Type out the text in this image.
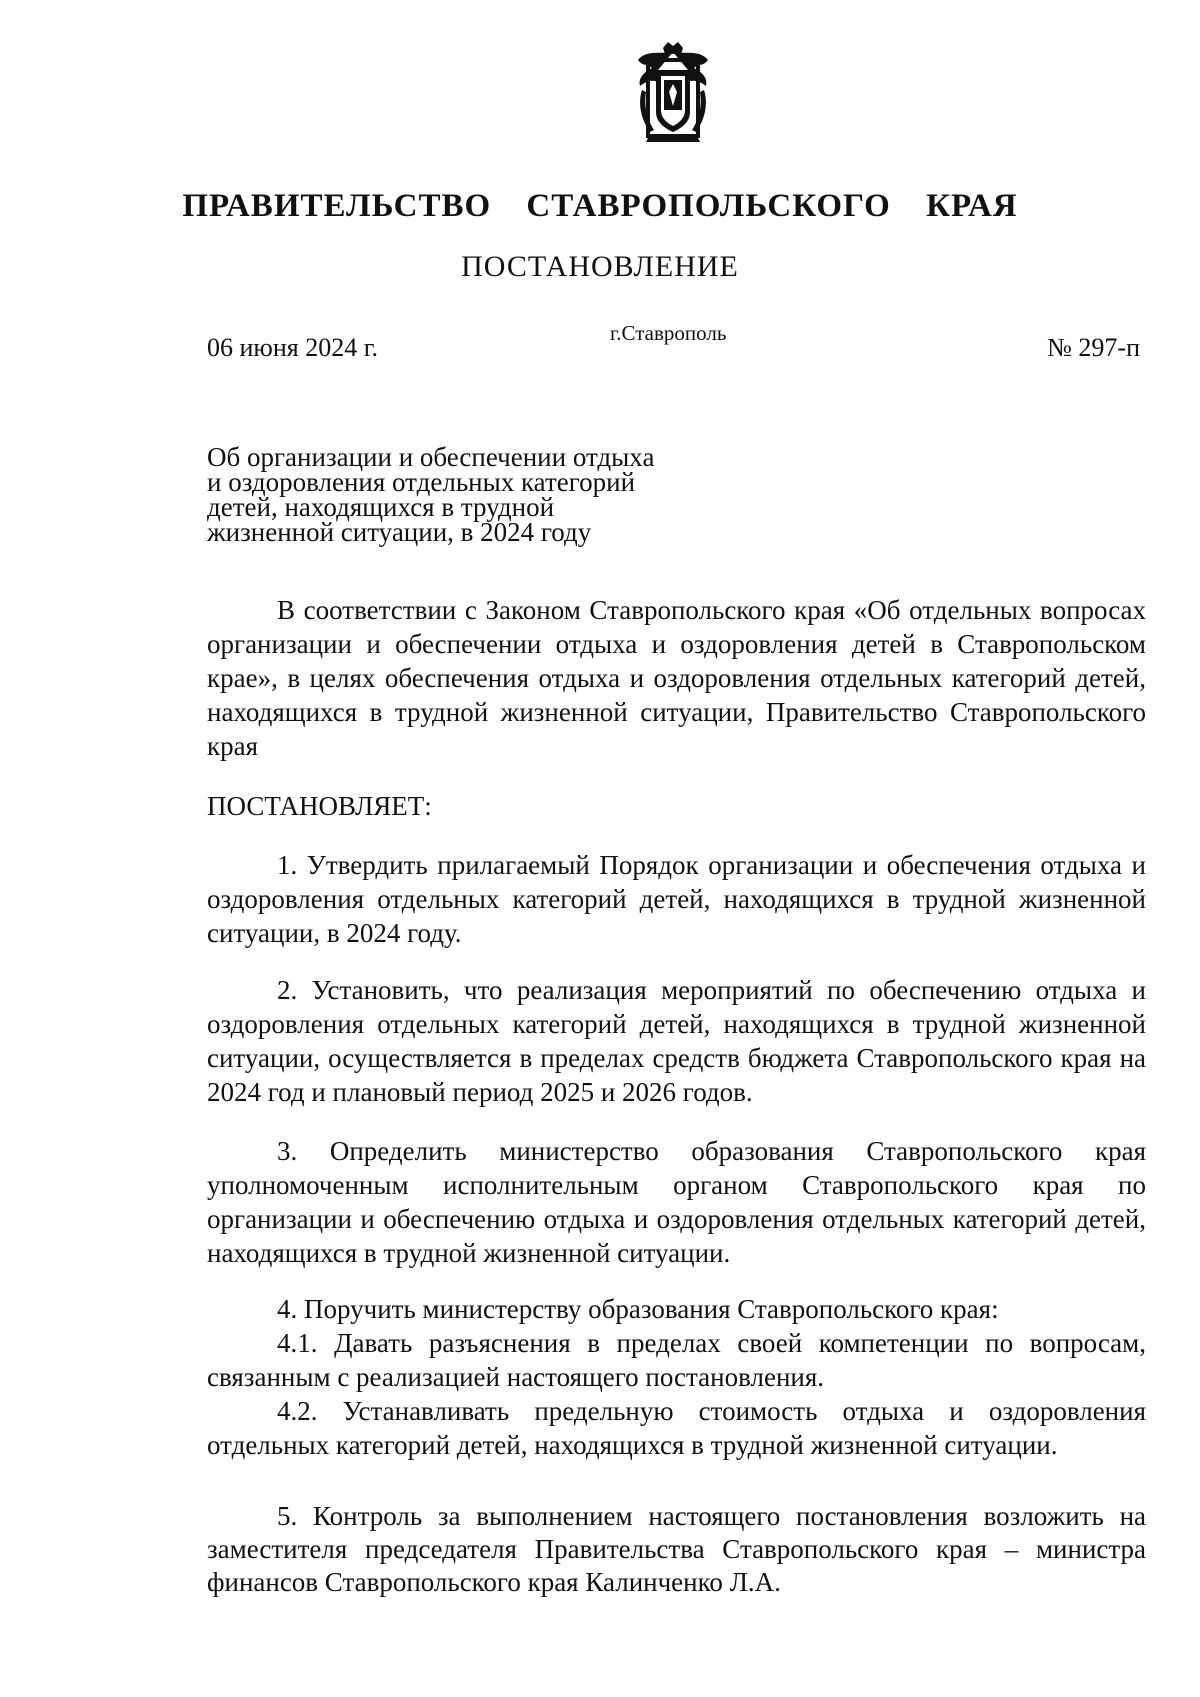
ПРАВИТЕЛЬСТВО СТАВРОПОЛЬСКОГО КРАЯ
ПОСТАНОВЛЕНИЕ
06 июня 2024 г.	г.Ставрополь	№ 297-п
Об организации и обеспечении отдыха
и оздоровления отдельных категорий
детей, находящихся в трудной
жизненной ситуации, в 2024 году

В соответствии с Законом Ставропольского края «Об отдельных вопросах организации и обеспечении отдыха и оздоровления детей в Ставропольском крае», в целях обеспечения отдыха и оздоровления отдельных категорий детей, находящихся в трудной жизненной ситуации, Правительство Ставропольского края

ПОСТАНОВЛЯЕТ:

1. Утвердить прилагаемый Порядок организации и обеспечения отдыха и оздоровления отдельных категорий детей, находящихся в трудной жизненной ситуации, в 2024 году.

2. Установить, что реализация мероприятий по обеспечению отдыха и оздоровления отдельных категорий детей, находящихся в трудной жизненной ситуации, осуществляется в пределах средств бюджета Ставропольского края на 2024 год и плановый период 2025 и 2026 годов.

3. Определить министерство образования Ставропольского края уполномоченным исполнительным органом Ставропольского края по организации и обеспечению отдыха и оздоровления отдельных категорий детей, находящихся в трудной жизненной ситуации.

4. Поручить министерству образования Ставропольского края:

4.1. Давать разъяснения в пределах своей компетенции по вопросам, связанным с реализацией настоящего постановления.

4.2. Устанавливать предельную стоимость отдыха и оздоровления отдельных категорий детей, находящихся в трудной жизненной ситуации.

5. Контроль за выполнением настоящего постановления возложить на заместителя председателя Правительства Ставропольского края – министра финансов Ставропольского края Калинченко Л.А.
